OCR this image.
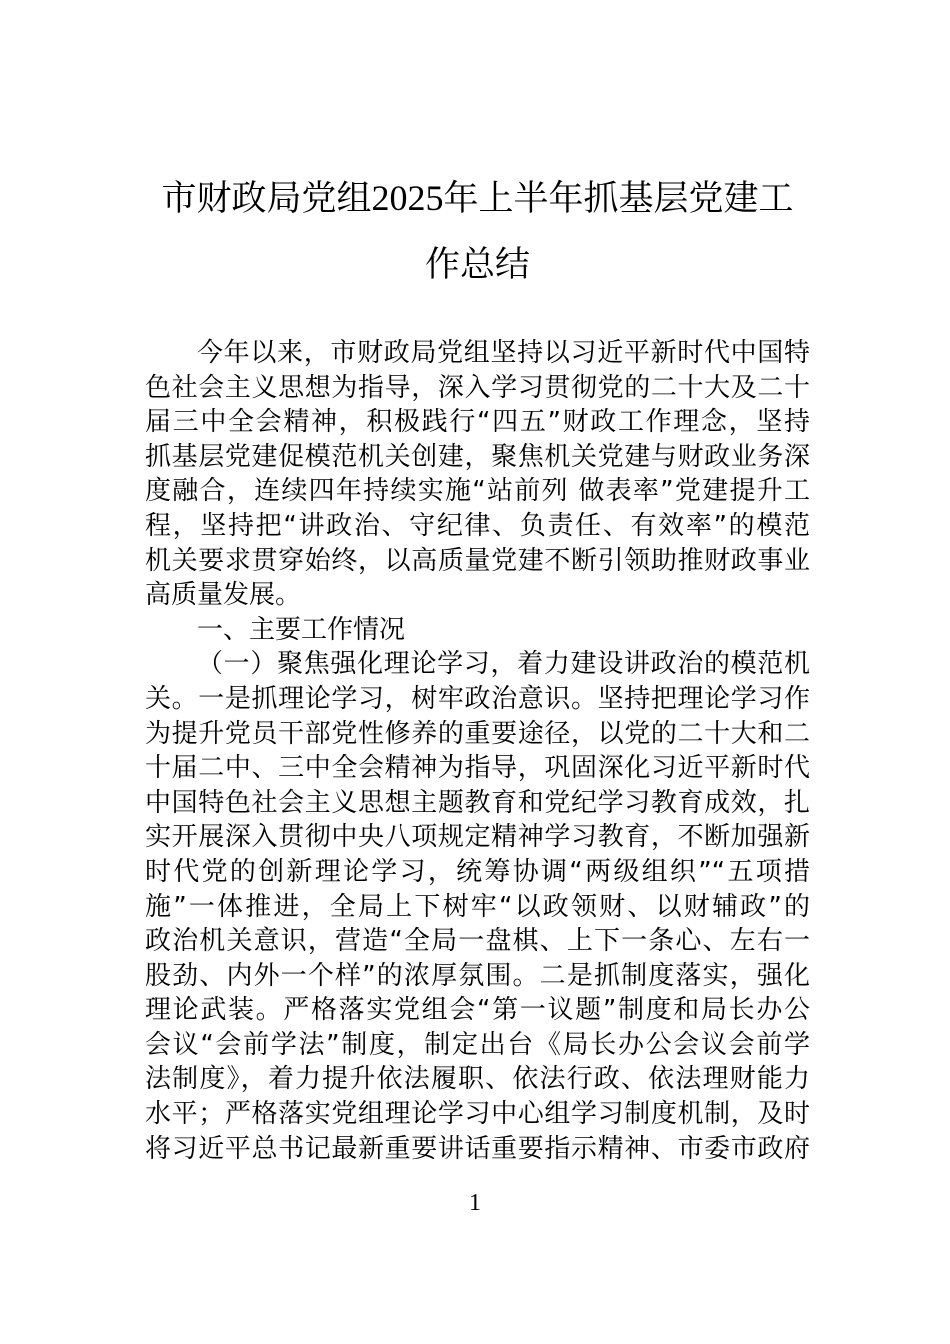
市财政局党组2025年上半年抓基层党建工
作总结
今年以来，市财政局党组坚持以习近平新时代中国特
色社会主义思想为指导，深入学习贯彻党的二十大及二十
届三中全会精神，积极践行“四五”财政工作理念，坚持
抓基层党建促模范机关创建，聚焦机关党建与财政业务深
度融合，连续四年持续实施“站前列 做表率”党建提升工
程，坚持把“讲政治、守纪律、负责任、有效率”的模范
机关要求贯穿始终，以高质量党建不断引领助推财政事业
高质量发展。
一、主要工作情况
（一）聚焦强化理论学习，着力建设讲政治的模范机
关。一是抓理论学习，树牢政治意识。坚持把理论学习作
为提升党员干部党性修养的重要途径，以党的二十大和二
十届二中、三中全会精神为指导，巩固深化习近平新时代
中国特色社会主义思想主题教育和党纪学习教育成效，扎
实开展深入贯彻中央八项规定精神学习教育，不断加强新
时代党的创新理论学习，统筹协调“两级组织”“五项措
施”一体推进，全局上下树牢“以政领财、以财辅政”的
政治机关意识，营造“全局一盘棋、上下一条心、左右一
股劲、内外一个样”的浓厚氛围。二是抓制度落实，强化
理论武装。严格落实党组会“第一议题”制度和局长办公
会议“会前学法”制度，制定出台《局长办公会议会前学
法制度》，着力提升依法履职、依法行政、依法理财能力
水平；严格落实党组理论学习中心组学习制度机制，及时
将习近平总书记最新重要讲话重要指示精神、市委市政府
1
